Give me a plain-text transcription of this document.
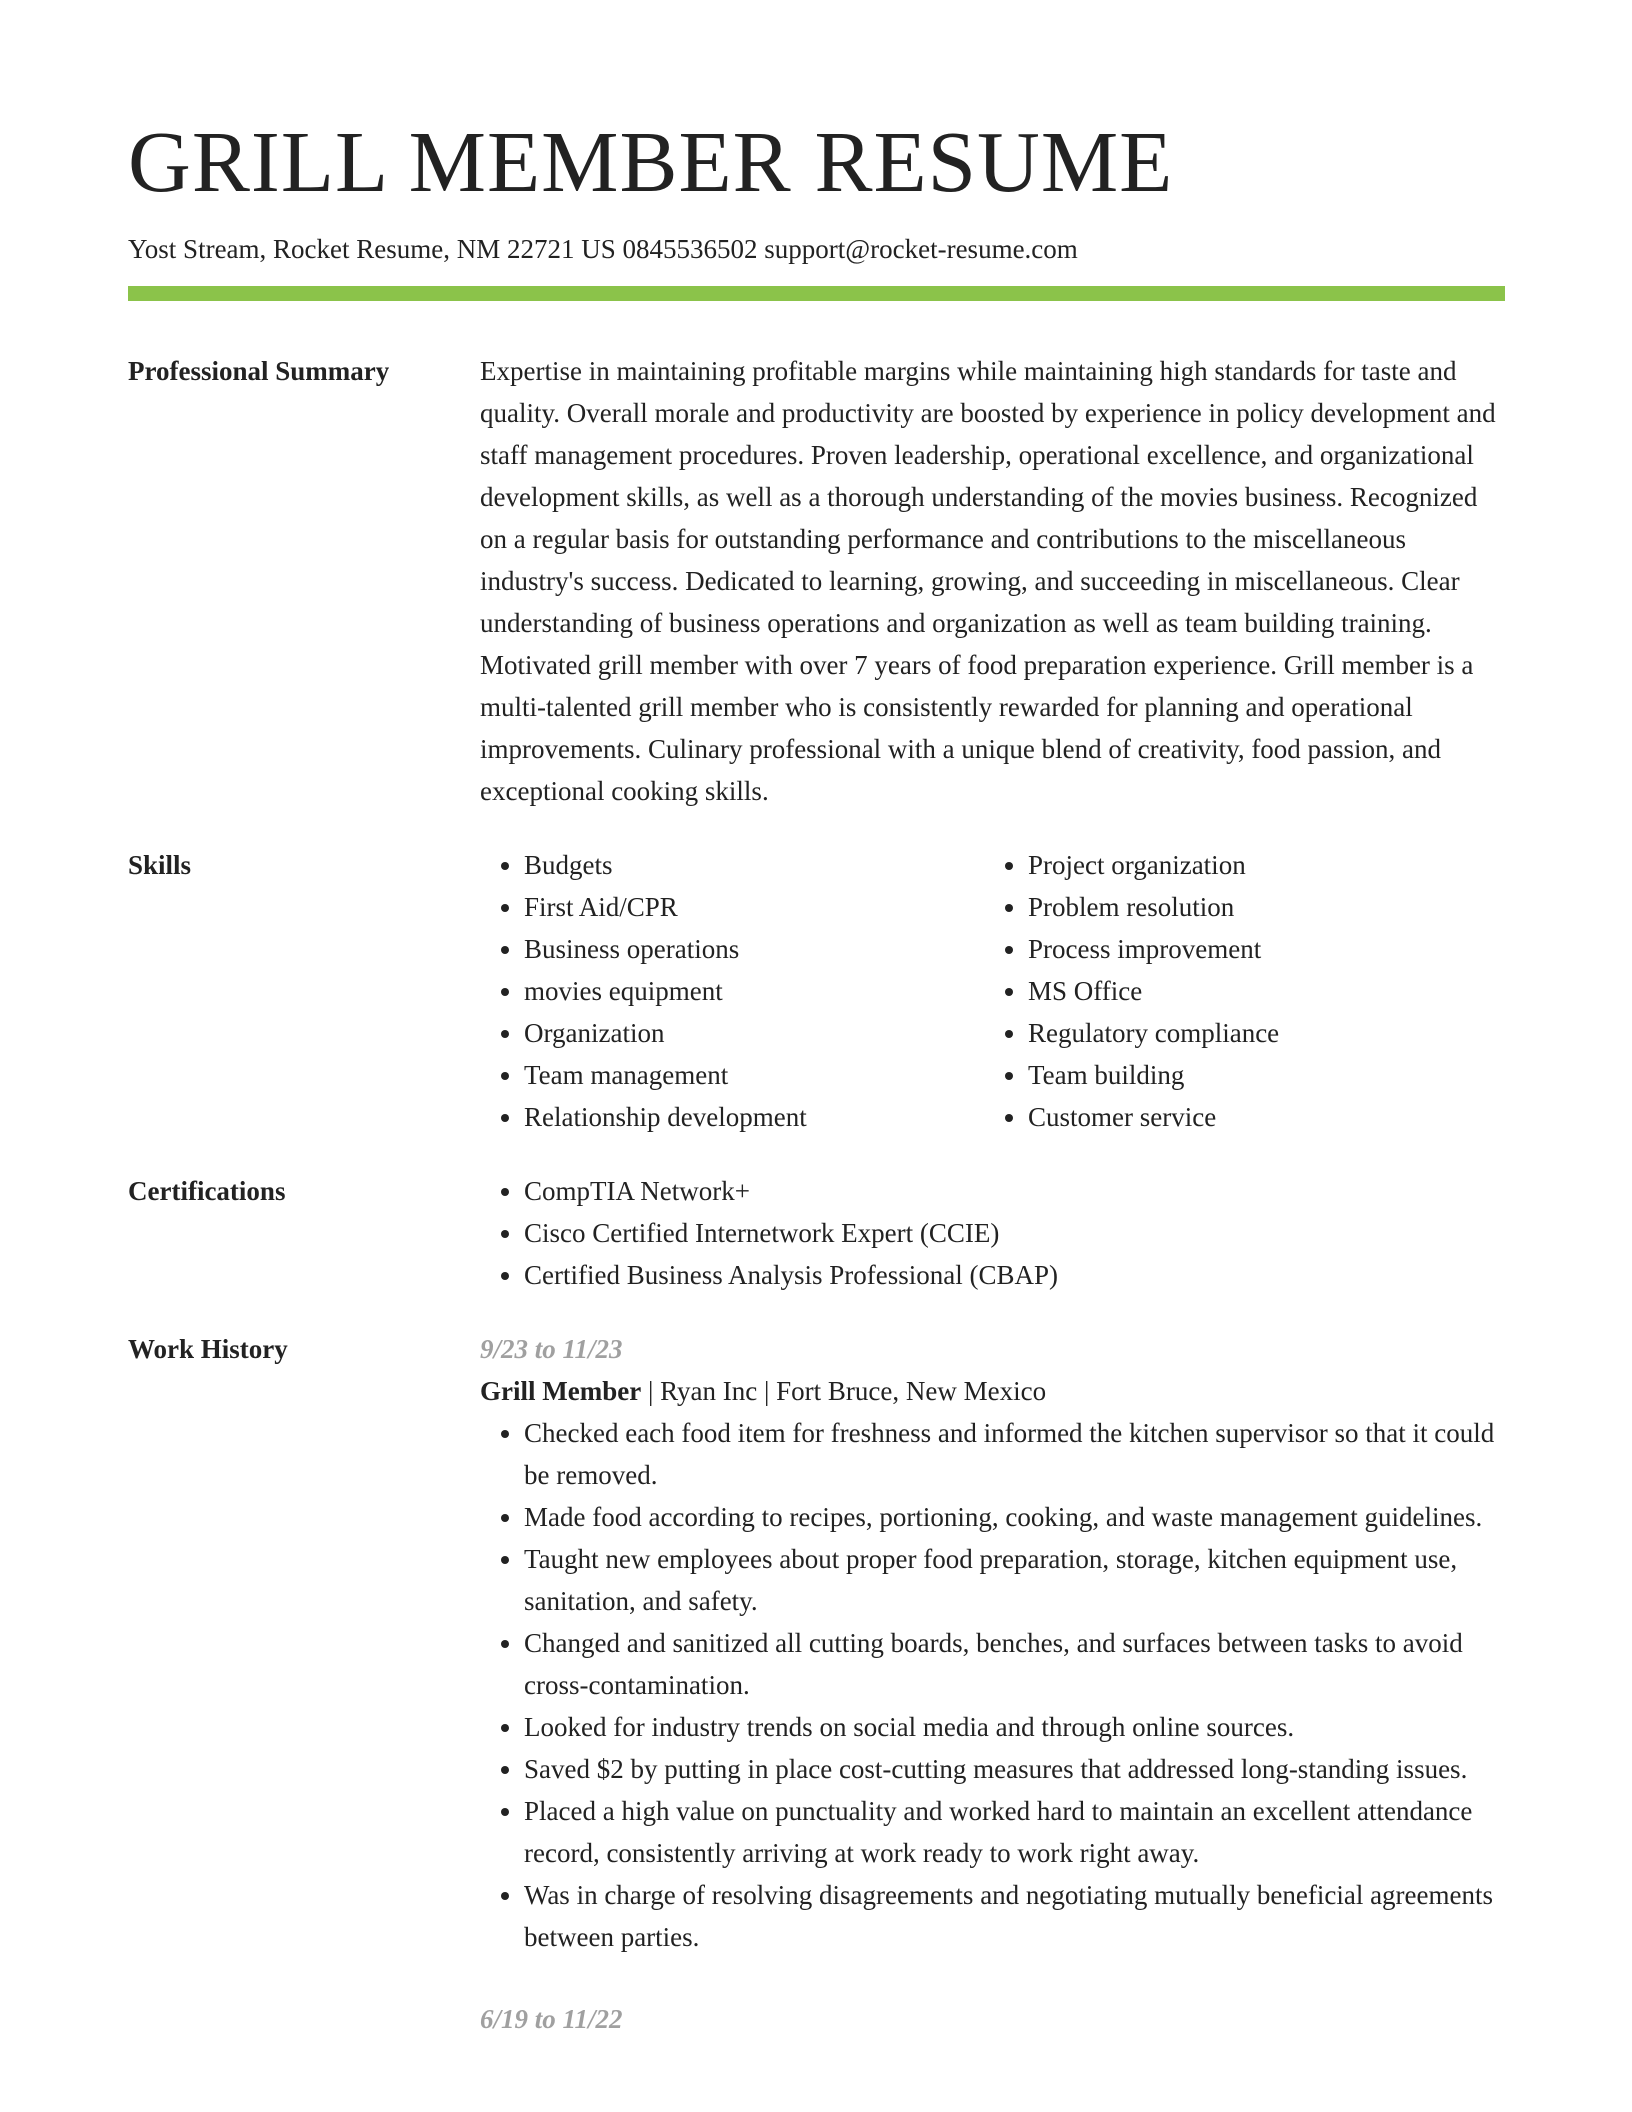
GRILL MEMBER RESUME
Yost Stream, Rocket Resume, NM 22721 US 0845536502 support@rocket-resume.com
Professional Summary	Expertise in maintaining profitable margins while maintaining high standards for taste and quality. Overall morale and productivity are boosted by experience in policy development and staff management procedures. Proven leadership, operational excellence, and organizational development skills, as well as a thorough understanding of the movies business. Recognized on a regular basis for outstanding performance and contributions to the miscellaneous industry's success. Dedicated to learning, growing, and succeeding in miscellaneous. Clear understanding of business operations and organization as well as team building training. Motivated grill member with over 7 years of food preparation experience. Grill member is a multi-talented grill member who is consistently rewarded for planning and operational improvements. Culinary professional with a unique blend of creativity, food passion, and exceptional cooking skills.

Skills	• Budgets
• First Aid/CPR
• Business operations
• movies equipment
• Organization
• Team management
• Relationship development
• Project organization
• Problem resolution
• Process improvement
• MS Office
• Regulatory compliance
• Team building
• Customer service
Certifications	• CompTIA Network+
• Cisco Certified Internetwork Expert (CCIE)
• Certified Business Analysis Professional (CBAP)
Work History	9/23 to 11/23
Grill Member | Ryan Inc | Fort Bruce, New Mexico
• Checked each food item for freshness and informed the kitchen supervisor so that it could be removed.
• Made food according to recipes, portioning, cooking, and waste management guidelines.
• Taught new employees about proper food preparation, storage, kitchen equipment use, sanitation, and safety.
• Changed and sanitized all cutting boards, benches, and surfaces between tasks to avoid cross-contamination.
• Looked for industry trends on social media and through online sources.
• Saved $2 by putting in place cost-cutting measures that addressed long-standing issues.
• Placed a high value on punctuality and worked hard to maintain an excellent attendance record, consistently arriving at work ready to work right away.
• Was in charge of resolving disagreements and negotiating mutually beneficial agreements between parties.
6/19 to 11/22
